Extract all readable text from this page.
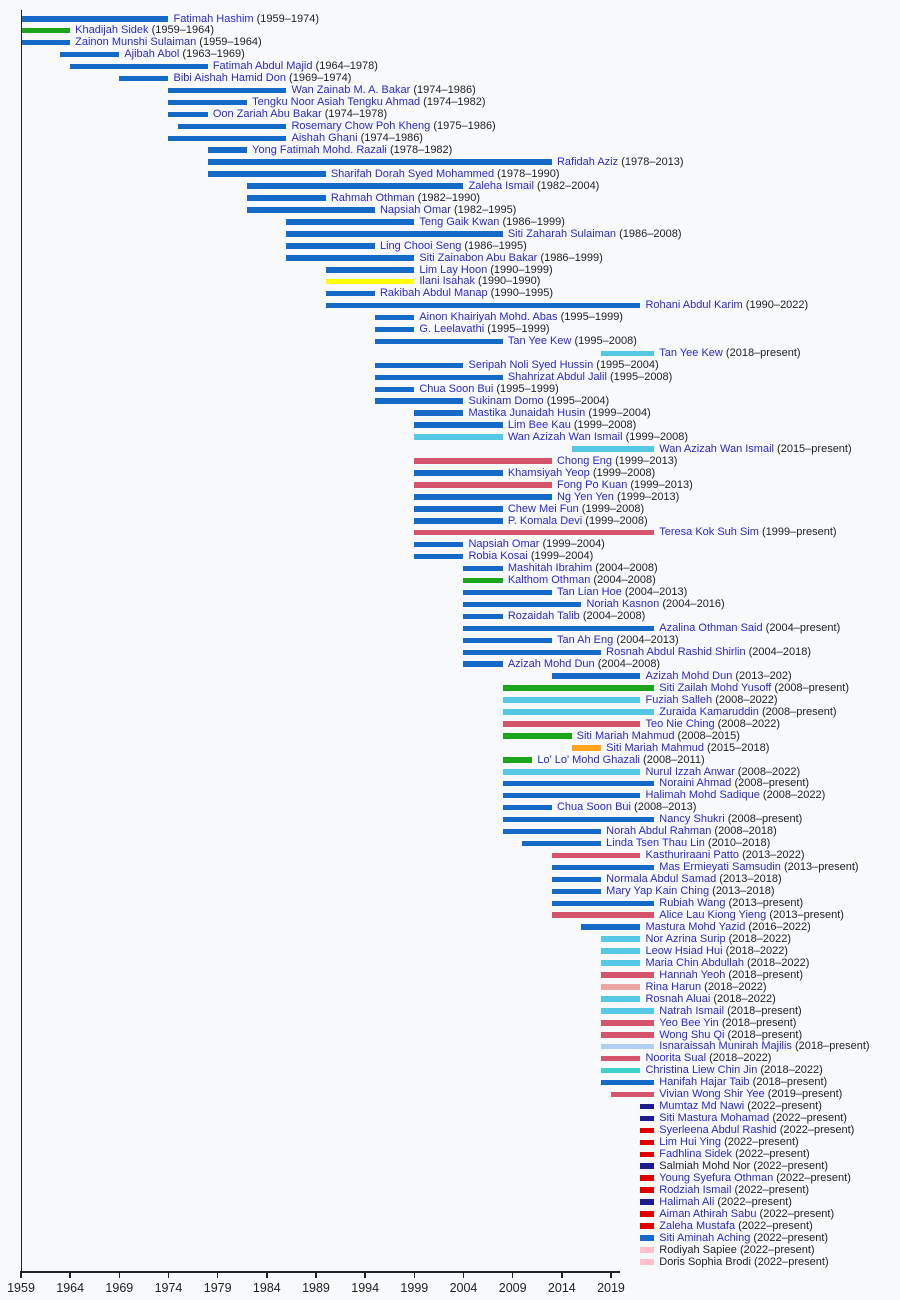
Fatimah Hashim (1959–1974)
Khadijah Sidek (1959–1964)
Zainon Munshi Sulaiman (1959–1964)
Ajibah Abol (1963–1969)
Fatimah Abdul Majid (1964–1978)
Bibi Aishah Hamid Don (1969–1974)
Wan Zainab M. A. Bakar (1974–1986)
Tengku Noor Asiah Tengku Ahmad (1974–1982)
Oon Zariah Abu Bakar (1974–1978)
Rosemary Chow Poh Kheng (1975–1986)
Aishah Ghani (1974–1986)
Yong Fatimah Mohd. Razali (1978–1982)
Rafidah Aziz (1978–2013)
Sharifah Dorah Syed Mohammed (1978–1990)
Zaleha Ismail (1982–2004)
Rahmah Othman (1982–1990)
Napsiah Omar (1982–1995)
Teng Gaik Kwan (1986–1999)
Siti Zaharah Sulaiman (1986–2008)
Ling Chooi Seng (1986–1995)
Siti Zainabon Abu Bakar (1986–1999)
Lim Lay Hoon (1990–1999)
Ilani Isahak (1990–1990)
Rakibah Abdul Manap (1990–1995)
Rohani Abdul Karim (1990–2022)
Ainon Khairiyah Mohd. Abas (1995–1999)
G. Leelavathi (1995–1999)
Tan Yee Kew (1995–2008)
Tan Yee Kew (2018–present)
Seripah Noli Syed Hussin (1995–2004)
Shahrizat Abdul Jalil (1995–2008)
Chua Soon Bui (1995–1999)
Sukinam Domo (1995–2004)
Mastika Junaidah Husin (1999–2004)
Lim Bee Kau (1999–2008)
Wan Azizah Wan Ismail (1999–2008)
Wan Azizah Wan Ismail (2015–present)
Chong Eng (1999–2013)
Khamsiyah Yeop (1999–2008)
Fong Po Kuan (1999–2013)
Ng Yen Yen (1999–2013)
Chew Mei Fun (1999–2008)
P. Komala Devi (1999–2008)
Teresa Kok Suh Sim (1999–present)
Napsiah Omar (1999–2004)
Robia Kosai (1999–2004)
Mashitah Ibrahim (2004–2008)
Kalthom Othman (2004–2008)
Tan Lian Hoe (2004–2013)
Noriah Kasnon (2004–2016)
Rozaidah Talib (2004–2008)
Azalina Othman Said (2004–present)
Tan Ah Eng (2004–2013)
Rosnah Abdul Rashid Shirlin (2004–2018)
Azizah Mohd Dun (2004–2008)
Azizah Mohd Dun (2013–202)
Siti Zailah Mohd Yusoff (2008–present)
Fuziah Salleh (2008–2022)
Zuraida Kamaruddin (2008–present)
Teo Nie Ching (2008–2022)
Siti Mariah Mahmud (2008–2015)
Siti Mariah Mahmud (2015–2018)
Lo' Lo' Mohd Ghazali (2008–2011)
Nurul Izzah Anwar (2008–2022)
Noraini Ahmad (2008–present)
Halimah Mohd Sadique (2008–2022)
Chua Soon Bui (2008–2013)
Nancy Shukri (2008–present)
Norah Abdul Rahman (2008–2018)
Linda Tsen Thau Lin (2010–2018)
Kasthuriraani Patto (2013–2022)
Mas Ermieyati Samsudin (2013–present)
Normala Abdul Samad (2013–2018)
Mary Yap Kain Ching (2013–2018)
Rubiah Wang (2013–present)
Alice Lau Kiong Yieng (2013–present)
Mastura Mohd Yazid (2016–2022)
Nor Azrina Surip (2018–2022)
Leow Hsiad Hui (2018–2022)
Maria Chin Abdullah (2018–2022)
Hannah Yeoh (2018–present)
Rina Harun (2018–2022)
Rosnah Aluai (2018–2022)
Natrah Ismail (2018–present)
Yeo Bee Yin (2018–present)
Wong Shu Qi (2018–present)
Isnaraissah Munirah Majilis (2018–present)
Noorita Sual (2018–2022)
Christina Liew Chin Jin (2018–2022)
Hanifah Hajar Taib (2018–present)
Vivian Wong Shir Yee (2019–present)
Mumtaz Md Nawi (2022–present)
Siti Mastura Mohamad (2022–present)
Syerleena Abdul Rashid (2022–present)
Lim Hui Ying (2022–present)
Fadhlina Sidek (2022–present)
Salmiah Mohd Nor (2022–present)
Young Syefura Othman (2022–present)
Rodziah Ismail (2022–present)
Halimah Ali (2022–present)
Aiman Athirah Sabu (2022–present)
Zaleha Mustafa (2022–present)
Siti Aminah Aching (2022–present)
Rodiyah Sapiee (2022–present)
Doris Sophia Brodi (2022–present)
1959	1964	1969	1974	1979	1984	1989	1994	1999	2004	2009	2014	2019
